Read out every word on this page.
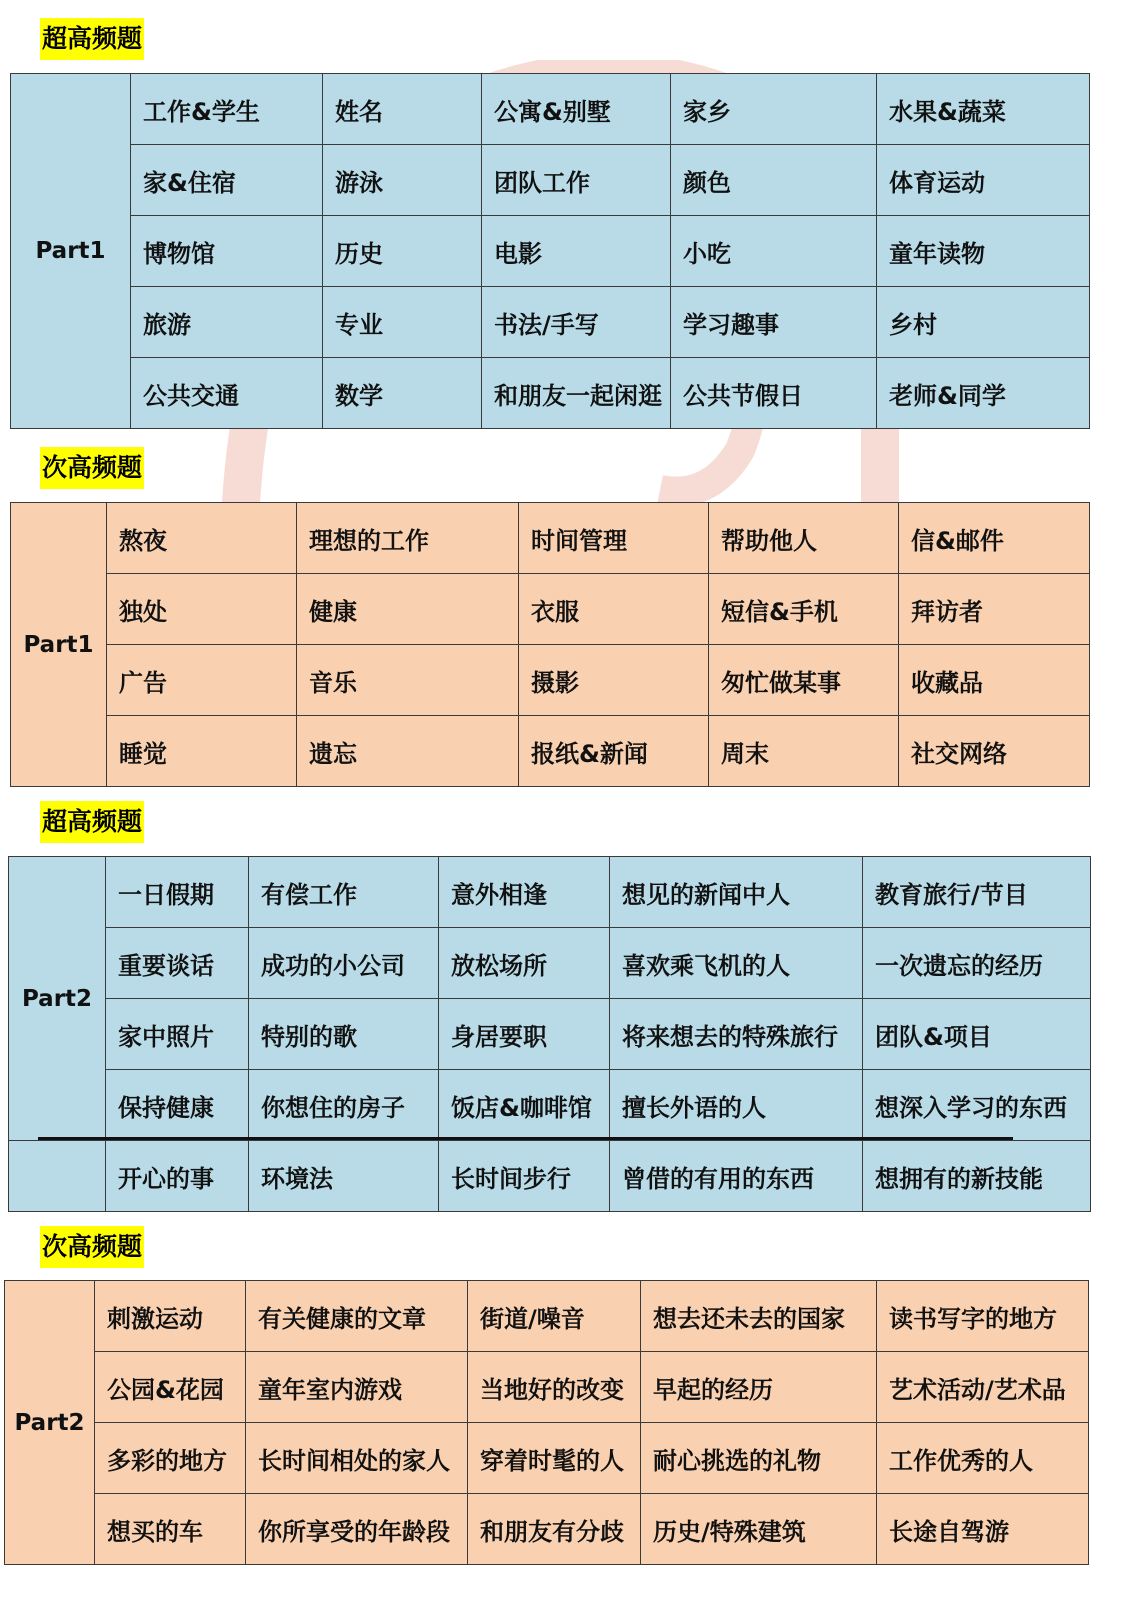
超高频题
Part1	工作&学生	姓名	公寓&别墅	家乡	水果&蔬菜
	家&住宿	游泳	团队工作	颜色	体育运动
	博物馆	历史	电影	小吃	童年读物
	旅游	专业	书法/手写	学习趣事	乡村
	公共交通	数学	和朋友一起闲逛	公共节假日	老师&同学
次高频题
Part1	熬夜	理想的工作	时间管理	帮助他人	信&邮件
	独处	健康	衣服	短信&手机	拜访者
	广告	音乐	摄影	匆忙做某事	收藏品
	睡觉	遗忘	报纸&新闻	周末	社交网络
超高频题
Part2	一日假期	有偿工作	意外相逢	想见的新闻中人	教育旅行/节目
	重要谈话	成功的小公司	放松场所	喜欢乘飞机的人	一次遗忘的经历
	家中照片	特别的歌	身居要职	将来想去的特殊旅行	团队&项目
	保持健康	你想住的房子	饭店&咖啡馆	擅长外语的人	想深入学习的东西
	开心的事	环境法	长时间步行	曾借的有用的东西	想拥有的新技能
次高频题
Part2	刺激运动	有关健康的文章	街道/噪音	想去还未去的国家	读书写字的地方
	公园&花园	童年室内游戏	当地好的改变	早起的经历	艺术活动/艺术品
	多彩的地方	长时间相处的家人	穿着时髦的人	耐心挑选的礼物	工作优秀的人
	想买的车	你所享受的年龄段	和朋友有分歧	历史/特殊建筑	长途自驾游
